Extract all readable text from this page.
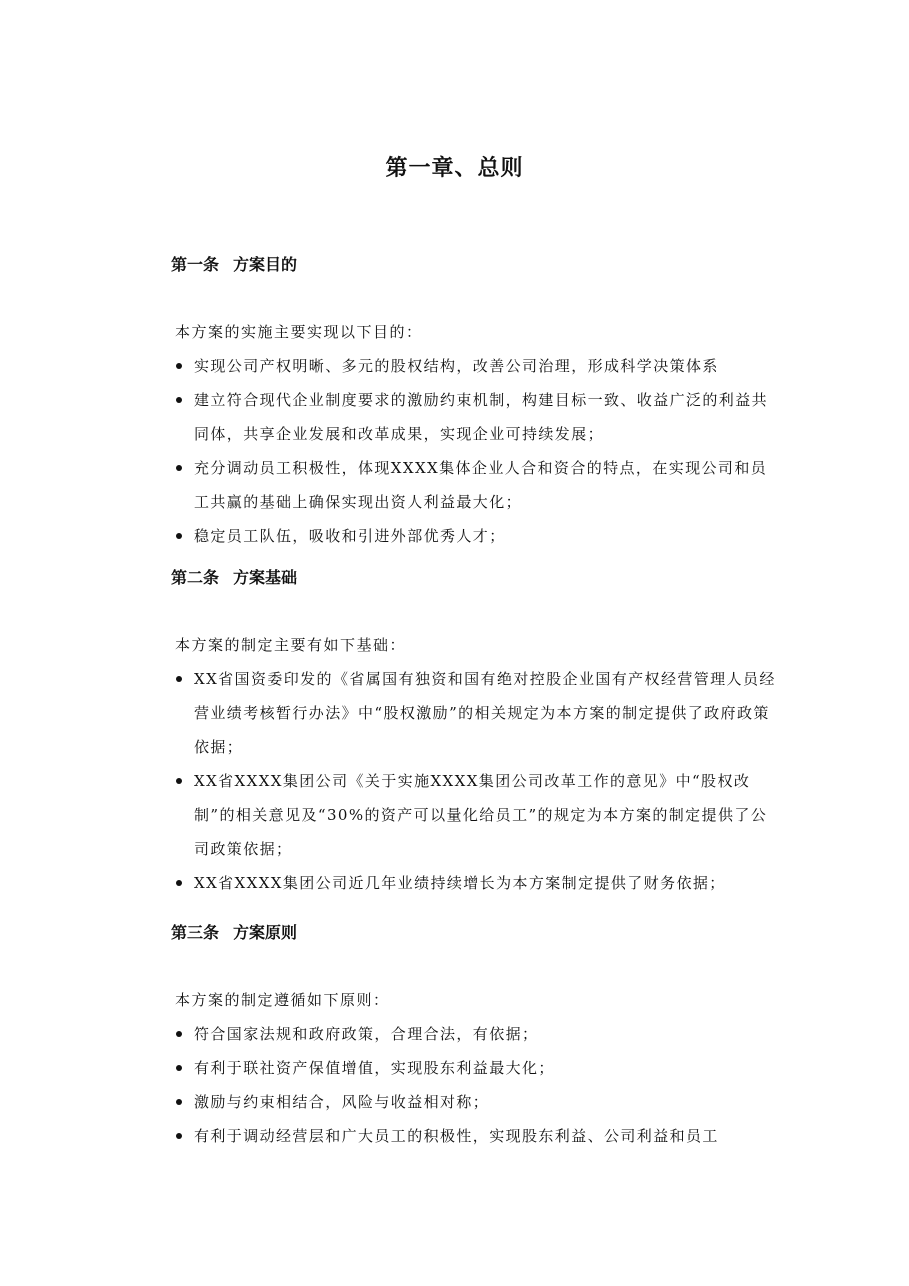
第一章、总则
第一条 方案目的
本方案的实施主要实现以下目的：
实现公司产权明晰、多元的股权结构，改善公司治理，形成科学决策体系
建立符合现代企业制度要求的激励约束机制，构建目标一致、收益广泛的利益共同体，共享企业发展和改革成果，实现企业可持续发展；
充分调动员工积极性，体现XXXX集体企业人合和资合的特点，在实现公司和员工共赢的基础上确保实现出资人利益最大化；
稳定员工队伍，吸收和引进外部优秀人才；
第二条 方案基础
本方案的制定主要有如下基础：
XX省国资委印发的《省属国有独资和国有绝对控股企业国有产权经营管理人员经营业绩考核暂行办法》中“股权激励”的相关规定为本方案的制定提供了政府政策依据；
XX省XXXX集团公司《关于实施XXXX集团公司改革工作的意见》中“股权改制”的相关意见及“30%的资产可以量化给员工”的规定为本方案的制定提供了公司政策依据；
XX省XXXX集团公司近几年业绩持续增长为本方案制定提供了财务依据；
第三条 方案原则
本方案的制定遵循如下原则：
符合国家法规和政府政策，合理合法，有依据；
有利于联社资产保值增值，实现股东利益最大化；
激励与约束相结合，风险与收益相对称；
有利于调动经营层和广大员工的积极性，实现股东利益、公司利益和员工
